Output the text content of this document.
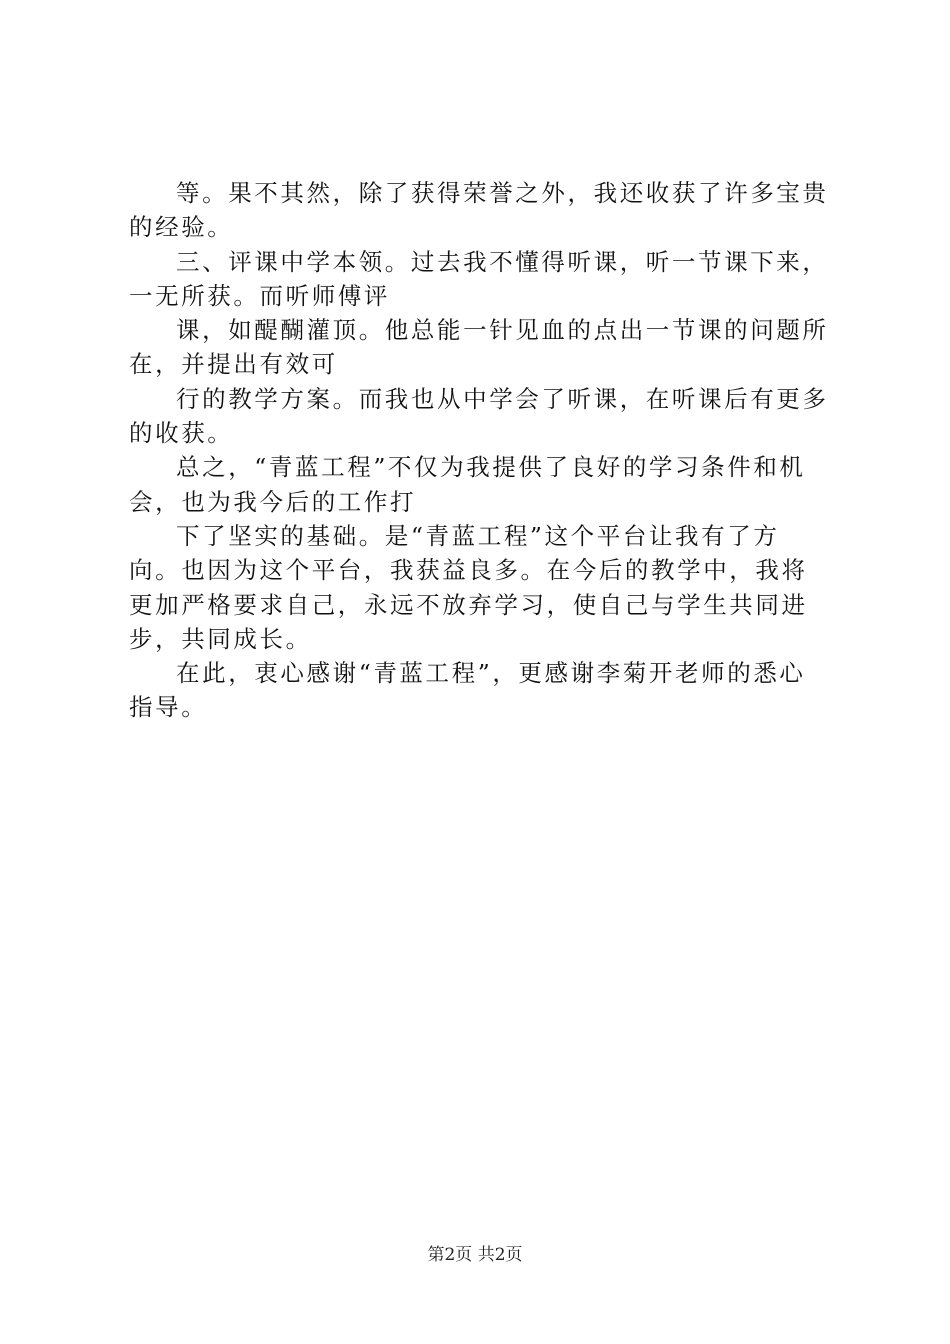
等。果不其然，除了获得荣誉之外，我还收获了许多宝贵的经验。

三、评课中学本领。过去我不懂得听课，听一节课下来，一无所获。而听师傅评

课，如醍醐灌顶。他总能一针见血的点出一节课的问题所在，并提出有效可

行的教学方案。而我也从中学会了听课，在听课后有更多的收获。

总之，“青蓝工程”不仅为我提供了良好的学习条件和机会，也为我今后的工作打

下了坚实的基础。是“青蓝工程”这个平台让我有了方向。也因为这个平台，我获益良多。在今后的教学中，我将更加严格要求自己，永远不放弃学习，使自己与学生共同进步，共同成长。

在此，衷心感谢“青蓝工程”，更感谢李菊开老师的悉心指导。

第2页 共2页
